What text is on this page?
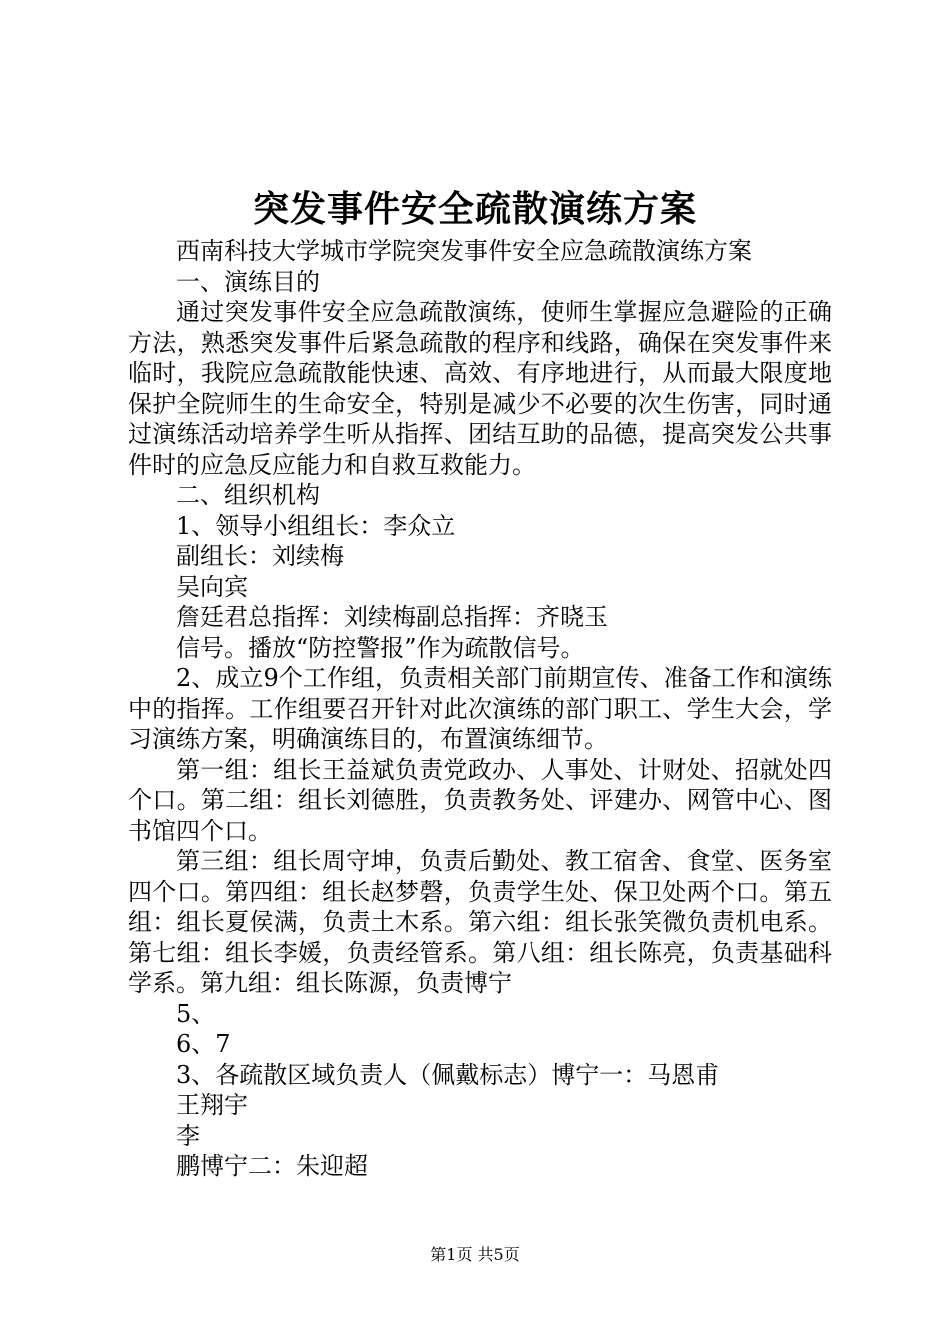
突发事件安全疏散演练方案

西南科技大学城市学院突发事件安全应急疏散演练方案

一、演练目的

通过突发事件安全应急疏散演练，使师生掌握应急避险的正确方法，熟悉突发事件后紧急疏散的程序和线路，确保在突发事件来临时，我院应急疏散能快速、高效、有序地进行，从而最大限度地保护全院师生的生命安全，特别是减少不必要的次生伤害，同时通过演练活动培养学生听从指挥、团结互助的品德，提高突发公共事件时的应急反应能力和自救互救能力。

二、组织机构

1、领导小组组长：李众立

副组长：刘续梅

吴向宾

詹廷君总指挥：刘续梅副总指挥：齐晓玉

信号。播放“防控警报”作为疏散信号。

2、成立9个工作组，负责相关部门前期宣传、准备工作和演练中的指挥。工作组要召开针对此次演练的部门职工、学生大会，学习演练方案，明确演练目的，布置演练细节。

第一组：组长王益斌负责党政办、人事处、计财处、招就处四个口。第二组：组长刘德胜，负责教务处、评建办、网管中心、图书馆四个口。

第三组：组长周守坤，负责后勤处、教工宿舍、食堂、医务室四个口。第四组：组长赵梦磬，负责学生处、保卫处两个口。第五组：组长夏侯满，负责土木系。第六组：组长张笑微负责机电系。第七组：组长李媛，负责经管系。第八组：组长陈亮，负责基础科学系。第九组：组长陈源，负责博宁

5、

6、7

3、各疏散区域负责人（佩戴标志）博宁一：马恩甫

王翔宇

李

鹏博宁二：朱迎超

第1页 共5页
